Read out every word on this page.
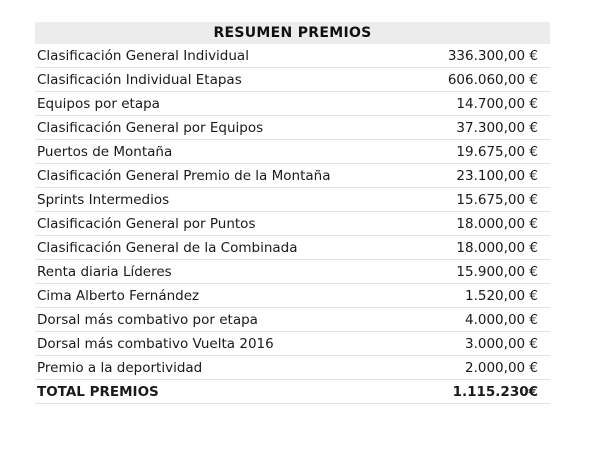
RESUMEN PREMIOS
Clasificación General Individual	336.300,00 €
Clasificación Individual Etapas	606.060,00 €
Equipos por etapa	14.700,00 €
Clasificación General por Equipos	37.300,00 €
Puertos de Montaña	19.675,00 €
Clasificación General Premio de la Montaña	23.100,00 €
Sprints Intermedios	15.675,00 €
Clasificación General por Puntos	18.000,00 €
Clasificación General de la Combinada	18.000,00 €
Renta diaria Líderes	15.900,00 €
Cima Alberto Fernández	1.520,00 €
Dorsal más combativo por etapa	4.000,00 €
Dorsal más combativo Vuelta 2016	3.000,00 €
Premio a la deportividad	2.000,00 €
TOTAL PREMIOS	1.115.230€
